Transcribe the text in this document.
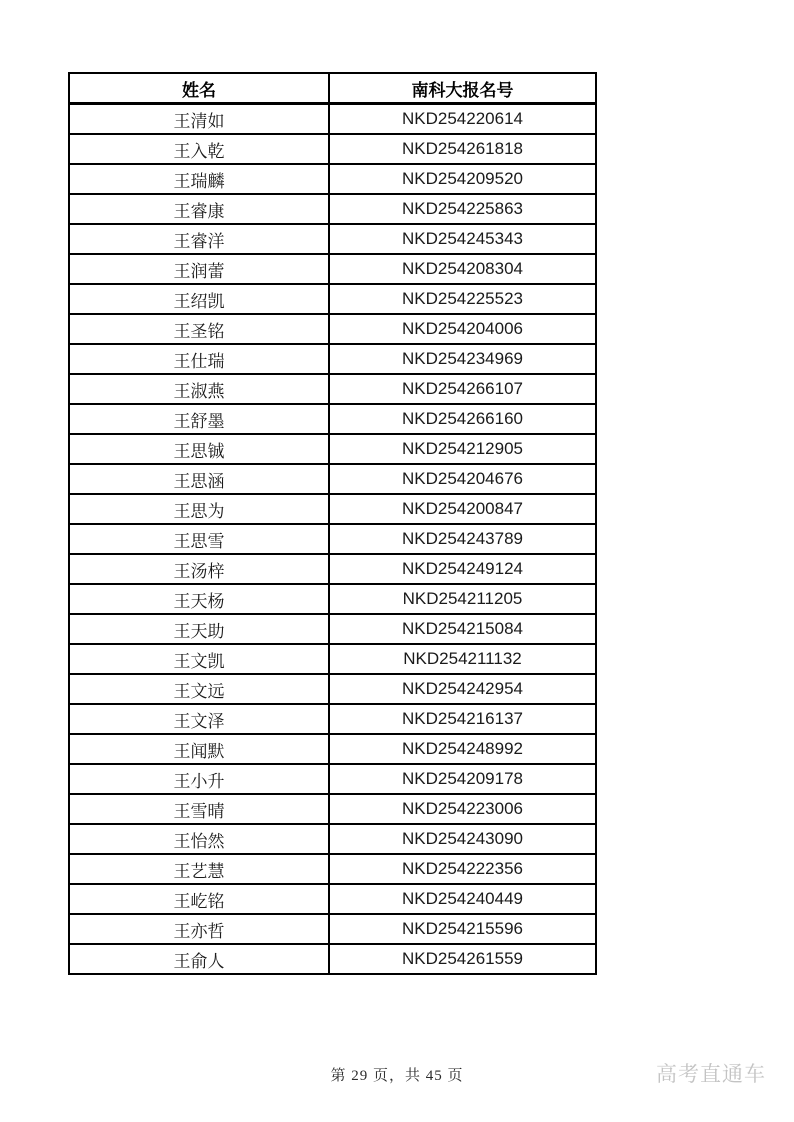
姓名	南科大报名号
王清如	NKD254220614
王入乾	NKD254261818
王瑞麟	NKD254209520
王睿康	NKD254225863
王睿洋	NKD254245343
王润蕾	NKD254208304
王绍凯	NKD254225523
王圣铭	NKD254204006
王仕瑞	NKD254234969
王淑燕	NKD254266107
王舒墨	NKD254266160
王思铖	NKD254212905
王思涵	NKD254204676
王思为	NKD254200847
王思雪	NKD254243789
王汤梓	NKD254249124
王天杨	NKD254211205
王天助	NKD254215084
王文凯	NKD254211132
王文远	NKD254242954
王文泽	NKD254216137
王闻默	NKD254248992
王小升	NKD254209178
王雪晴	NKD254223006
王怡然	NKD254243090
王艺慧	NKD254222356
王屹铭	NKD254240449
王亦哲	NKD254215596
王俞人	NKD254261559
第 29 页，共 45 页	高考直通车
